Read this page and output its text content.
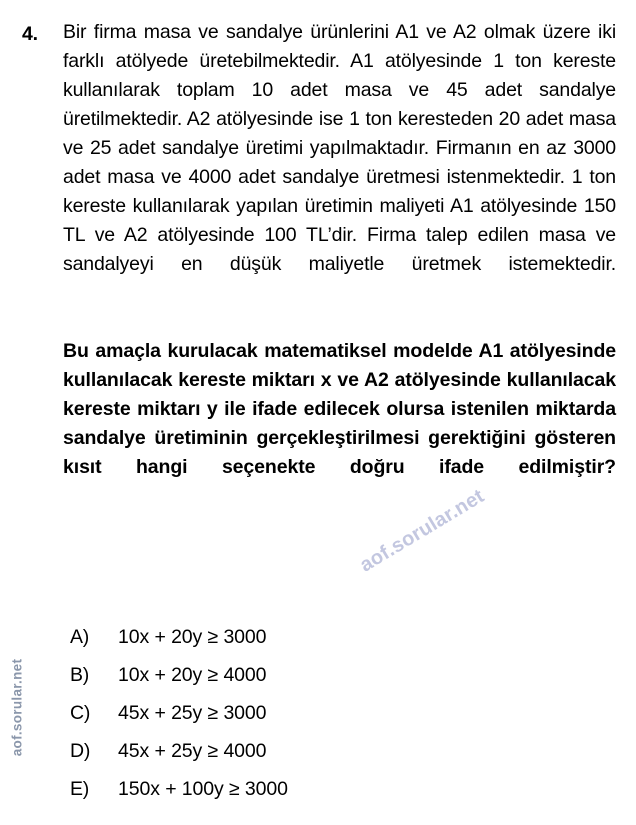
4. Bir firma masa ve sandalye ürünlerini A1 ve A2 olmak üzere iki farklı atölyede üretebilmektedir. A1 atölyesinde 1 ton kereste kullanılarak toplam 10 adet masa ve 45 adet sandalye üretilmektedir. A2 atölyesinde ise 1 ton keresteden 20 adet masa ve 25 adet sandalye üretimi yapılmaktadır. Firmanın en az 3000 adet masa ve 4000 adet sandalye üretmesi istenmektedir. 1 ton kereste kullanılarak yapılan üretimin maliyeti A1 atölyesinde 150 TL ve A2 atölyesinde 100 TL’dir. Firma talep edilen masa ve sandalyeyi en düşük maliyetle üretmek istemektedir.

Bu amaçla kurulacak matematiksel modelde A1 atölyesinde kullanılacak kereste miktarı x ve A2 atölyesinde kullanılacak kereste miktarı y ile ifade edilecek olursa istenilen miktarda sandalye üretiminin gerçekleştirilmesi gerektiğini gösteren kısıt hangi seçenekte doğru ifade edilmiştir?

A) 10x + 20y ≥ 3000
B) 10x + 20y ≥ 4000
C) 45x + 25y ≥ 3000
D) 45x + 25y ≥ 4000
E) 150x + 100y ≥ 3000
aof.sorular.net
aof.sorular.net
